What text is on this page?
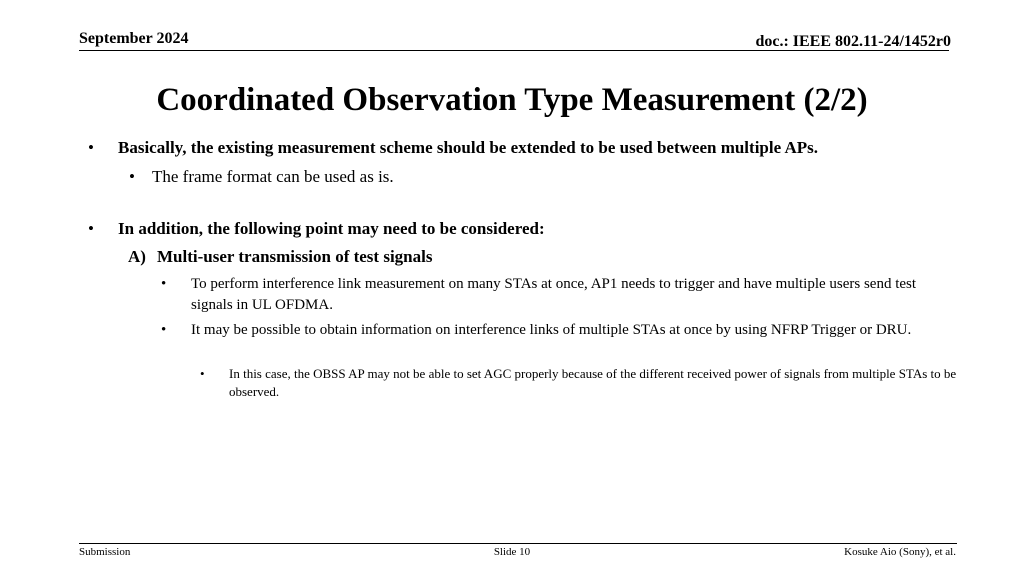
September 2024	doc.: IEEE 802.11-24/1452r0
Coordinated Observation Type Measurement (2/2)
• Basically, the existing measurement scheme should be extended to be used between multiple APs.
• The frame format can be used as is.
• In addition, the following point may need to be considered:
A) Multi-user transmission of test signals
• To perform interference link measurement on many STAs at once, AP1 needs to trigger and have multiple users send test signals in UL OFDMA.
• It may be possible to obtain information on interference links of multiple STAs at once by using NFRP Trigger or DRU.
• In this case, the OBSS AP may not be able to set AGC properly because of the different received power of signals from multiple STAs to be observed.
Submission	Slide 10	Kosuke Aio (Sony), et al.
